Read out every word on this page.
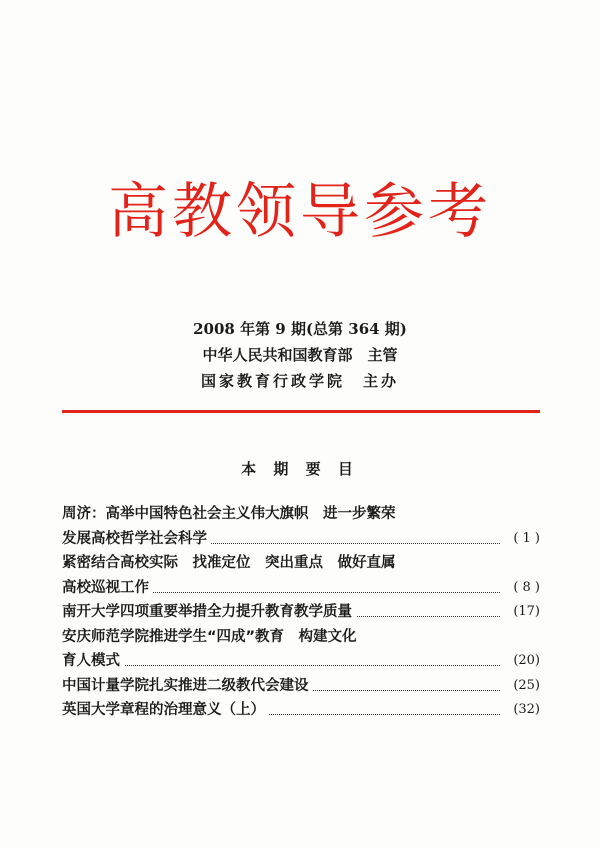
高教领导参考
2008 年第 9 期(总第 364 期)
中华人民共和国教育部　主管
国家教育行政学院　主办
本 期 要 目
周济：高举中国特色社会主义伟大旗帜　进一步繁荣
发展高校哲学社会科学	( 1 )
紧密结合高校实际　找准定位　突出重点　做好直属
高校巡视工作	( 8 )
南开大学四项重要举措全力提升教育教学质量	(17)
安庆师范学院推进学生“四成”教育　构建文化
育人模式	(20)
中国计量学院扎实推进二级教代会建设	(25)
英国大学章程的治理意义（上）	(32)
